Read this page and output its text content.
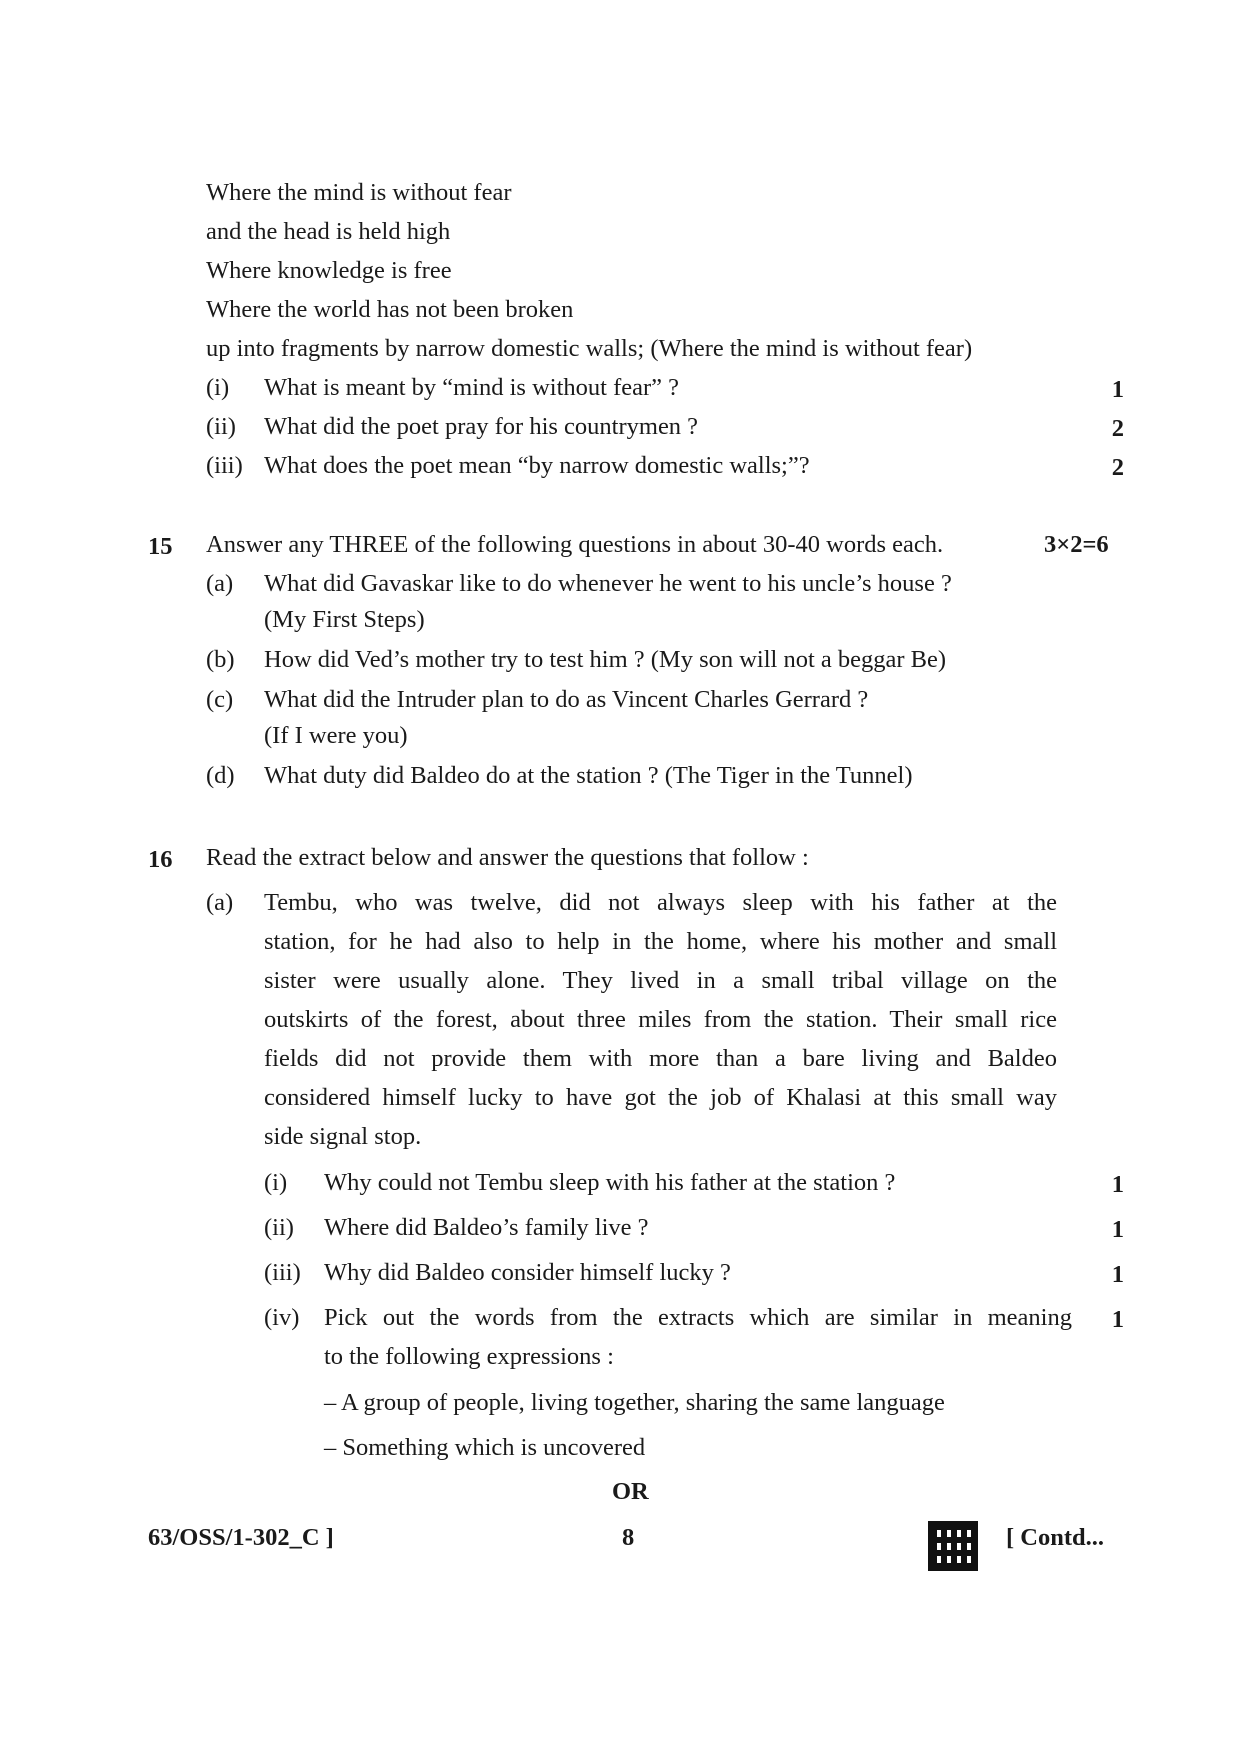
Where the mind is without fear
and the head is held high
Where knowledge is free
Where the world has not been broken
up into fragments by narrow domestic walls; (Where the mind is without fear)
(i) What is meant by “mind is without fear” ?	1
(ii) What did the poet pray for his countrymen ?	2
(iii) What does the poet mean “by narrow domestic walls;”?	2
15 Answer any THREE of the following questions in about 30-40 words each.	3×2=6
(a) What did Gavaskar like to do whenever he went to his uncle’s house ?
(My First Steps)
(b) How did Ved’s mother try to test him ? (My son will not a beggar Be)
(c) What did the Intruder plan to do as Vincent Charles Gerrard ?
(If I were you)
(d) What duty did Baldeo do at the station ? (The Tiger in the Tunnel)
16 Read the extract below and answer the questions that follow :
(a) Tembu, who was twelve, did not always sleep with his father at the
station, for he had also to help in the home, where his mother and small
sister were usually alone. They lived in a small tribal village on the
outskirts of the forest, about three miles from the station. Their small rice
fields did not provide them with more than a bare living and Baldeo
considered himself lucky to have got the job of Khalasi at this small way
side signal stop.
(i) Why could not Tembu sleep with his father at the station ?	1
(ii) Where did Baldeo’s family live ?	1
(iii) Why did Baldeo consider himself lucky ?	1
(iv) Pick out the words from the extracts which are similar in meaning	1
to the following expressions :
– A group of people, living together, sharing the same language
– Something which is uncovered
OR
63/OSS/1-302_C ]	8	[ Contd...
